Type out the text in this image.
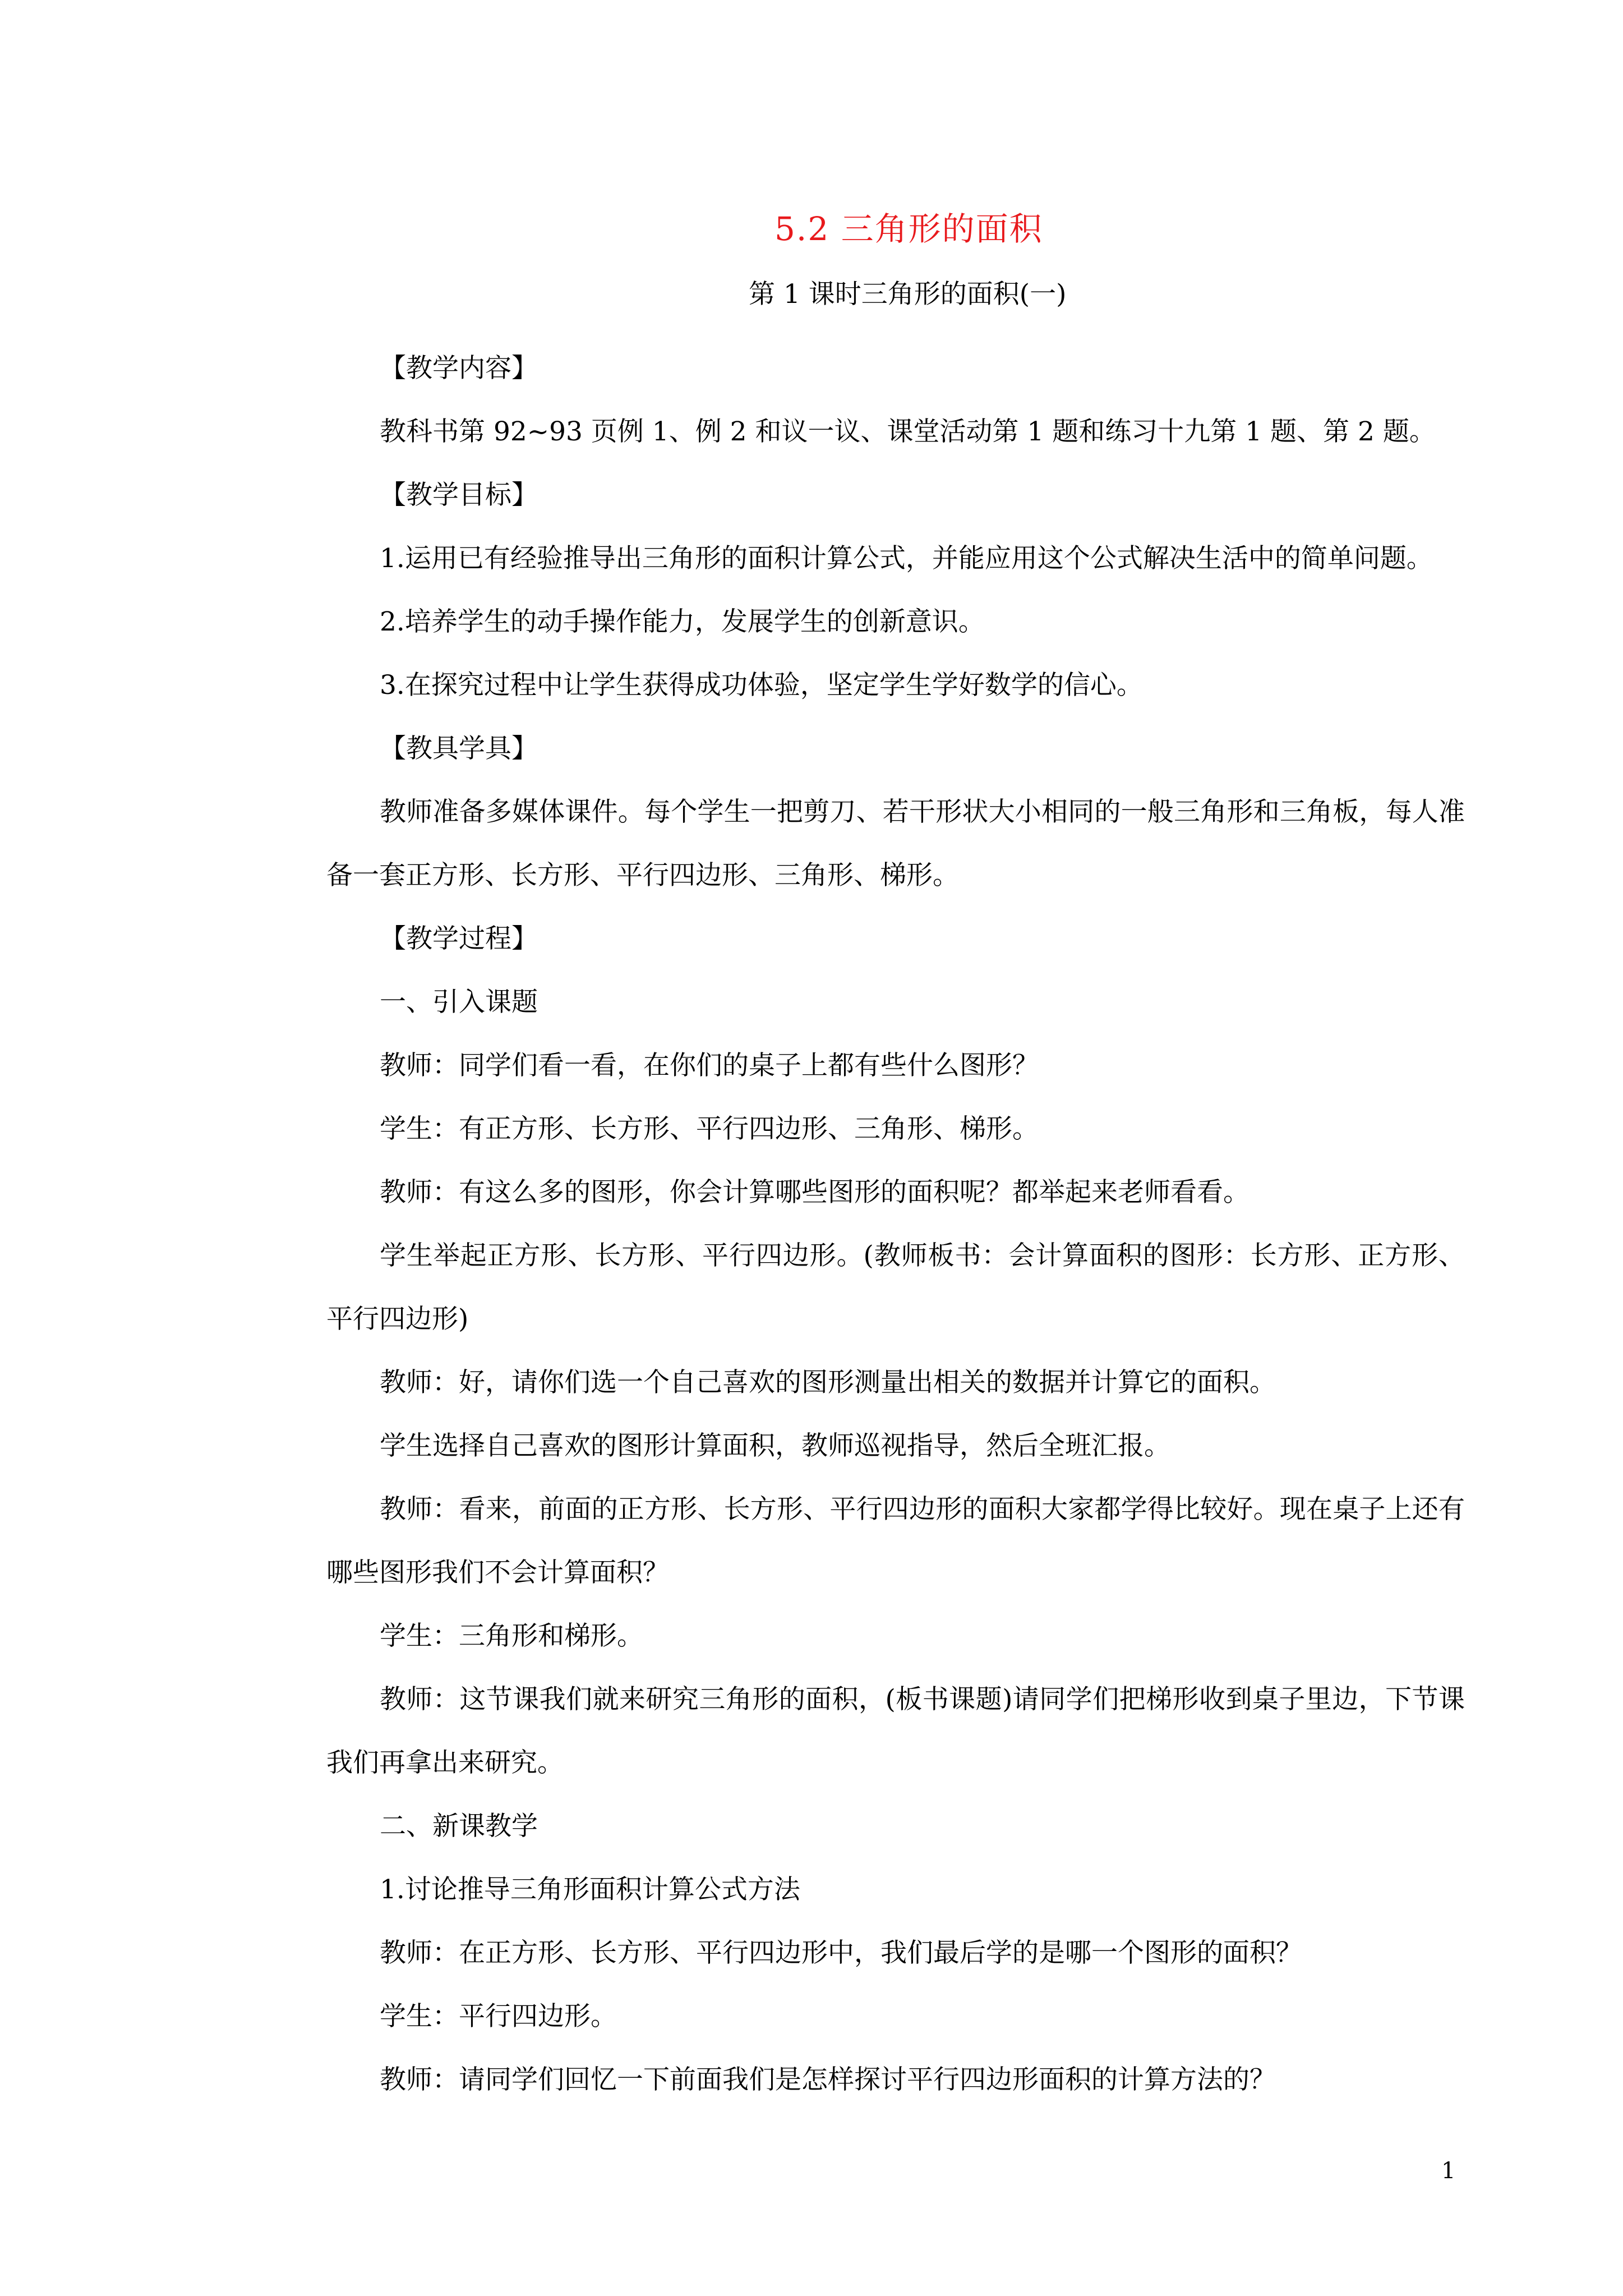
5.2 三角形的面积
第 1 课时三角形的面积(一)

【教学内容】

教科书第 92~93 页例 1、例 2 和议一议、课堂活动第 1 题和练习十九第 1 题、第 2 题。

【教学目标】

1.运用已有经验推导出三角形的面积计算公式，并能应用这个公式解决生活中的简单问题。

2.培养学生的动手操作能力，发展学生的创新意识。

3.在探究过程中让学生获得成功体验，坚定学生学好数学的信心。

【教具学具】

教师准备多媒体课件。每个学生一把剪刀、若干形状大小相同的一般三角形和三角板，每人准备一套正方形、长方形、平行四边形、三角形、梯形。

【教学过程】

一、引入课题

教师：同学们看一看，在你们的桌子上都有些什么图形？

学生：有正方形、长方形、平行四边形、三角形、梯形。

教师：有这么多的图形，你会计算哪些图形的面积呢？都举起来老师看看。

学生举起正方形、长方形、平行四边形。(教师板书：会计算面积的图形：长方形、正方形、平行四边形)

教师：好，请你们选一个自己喜欢的图形测量出相关的数据并计算它的面积。

学生选择自己喜欢的图形计算面积，教师巡视指导，然后全班汇报。

教师：看来，前面的正方形、长方形、平行四边形的面积大家都学得比较好。现在桌子上还有哪些图形我们不会计算面积？

学生：三角形和梯形。

教师：这节课我们就来研究三角形的面积，(板书课题)请同学们把梯形收到桌子里边，下节课我们再拿出来研究。

二、新课教学

1.讨论推导三角形面积计算公式方法

教师：在正方形、长方形、平行四边形中，我们最后学的是哪一个图形的面积？

学生：平行四边形。

教师：请同学们回忆一下前面我们是怎样探讨平行四边形面积的计算方法的？

1
